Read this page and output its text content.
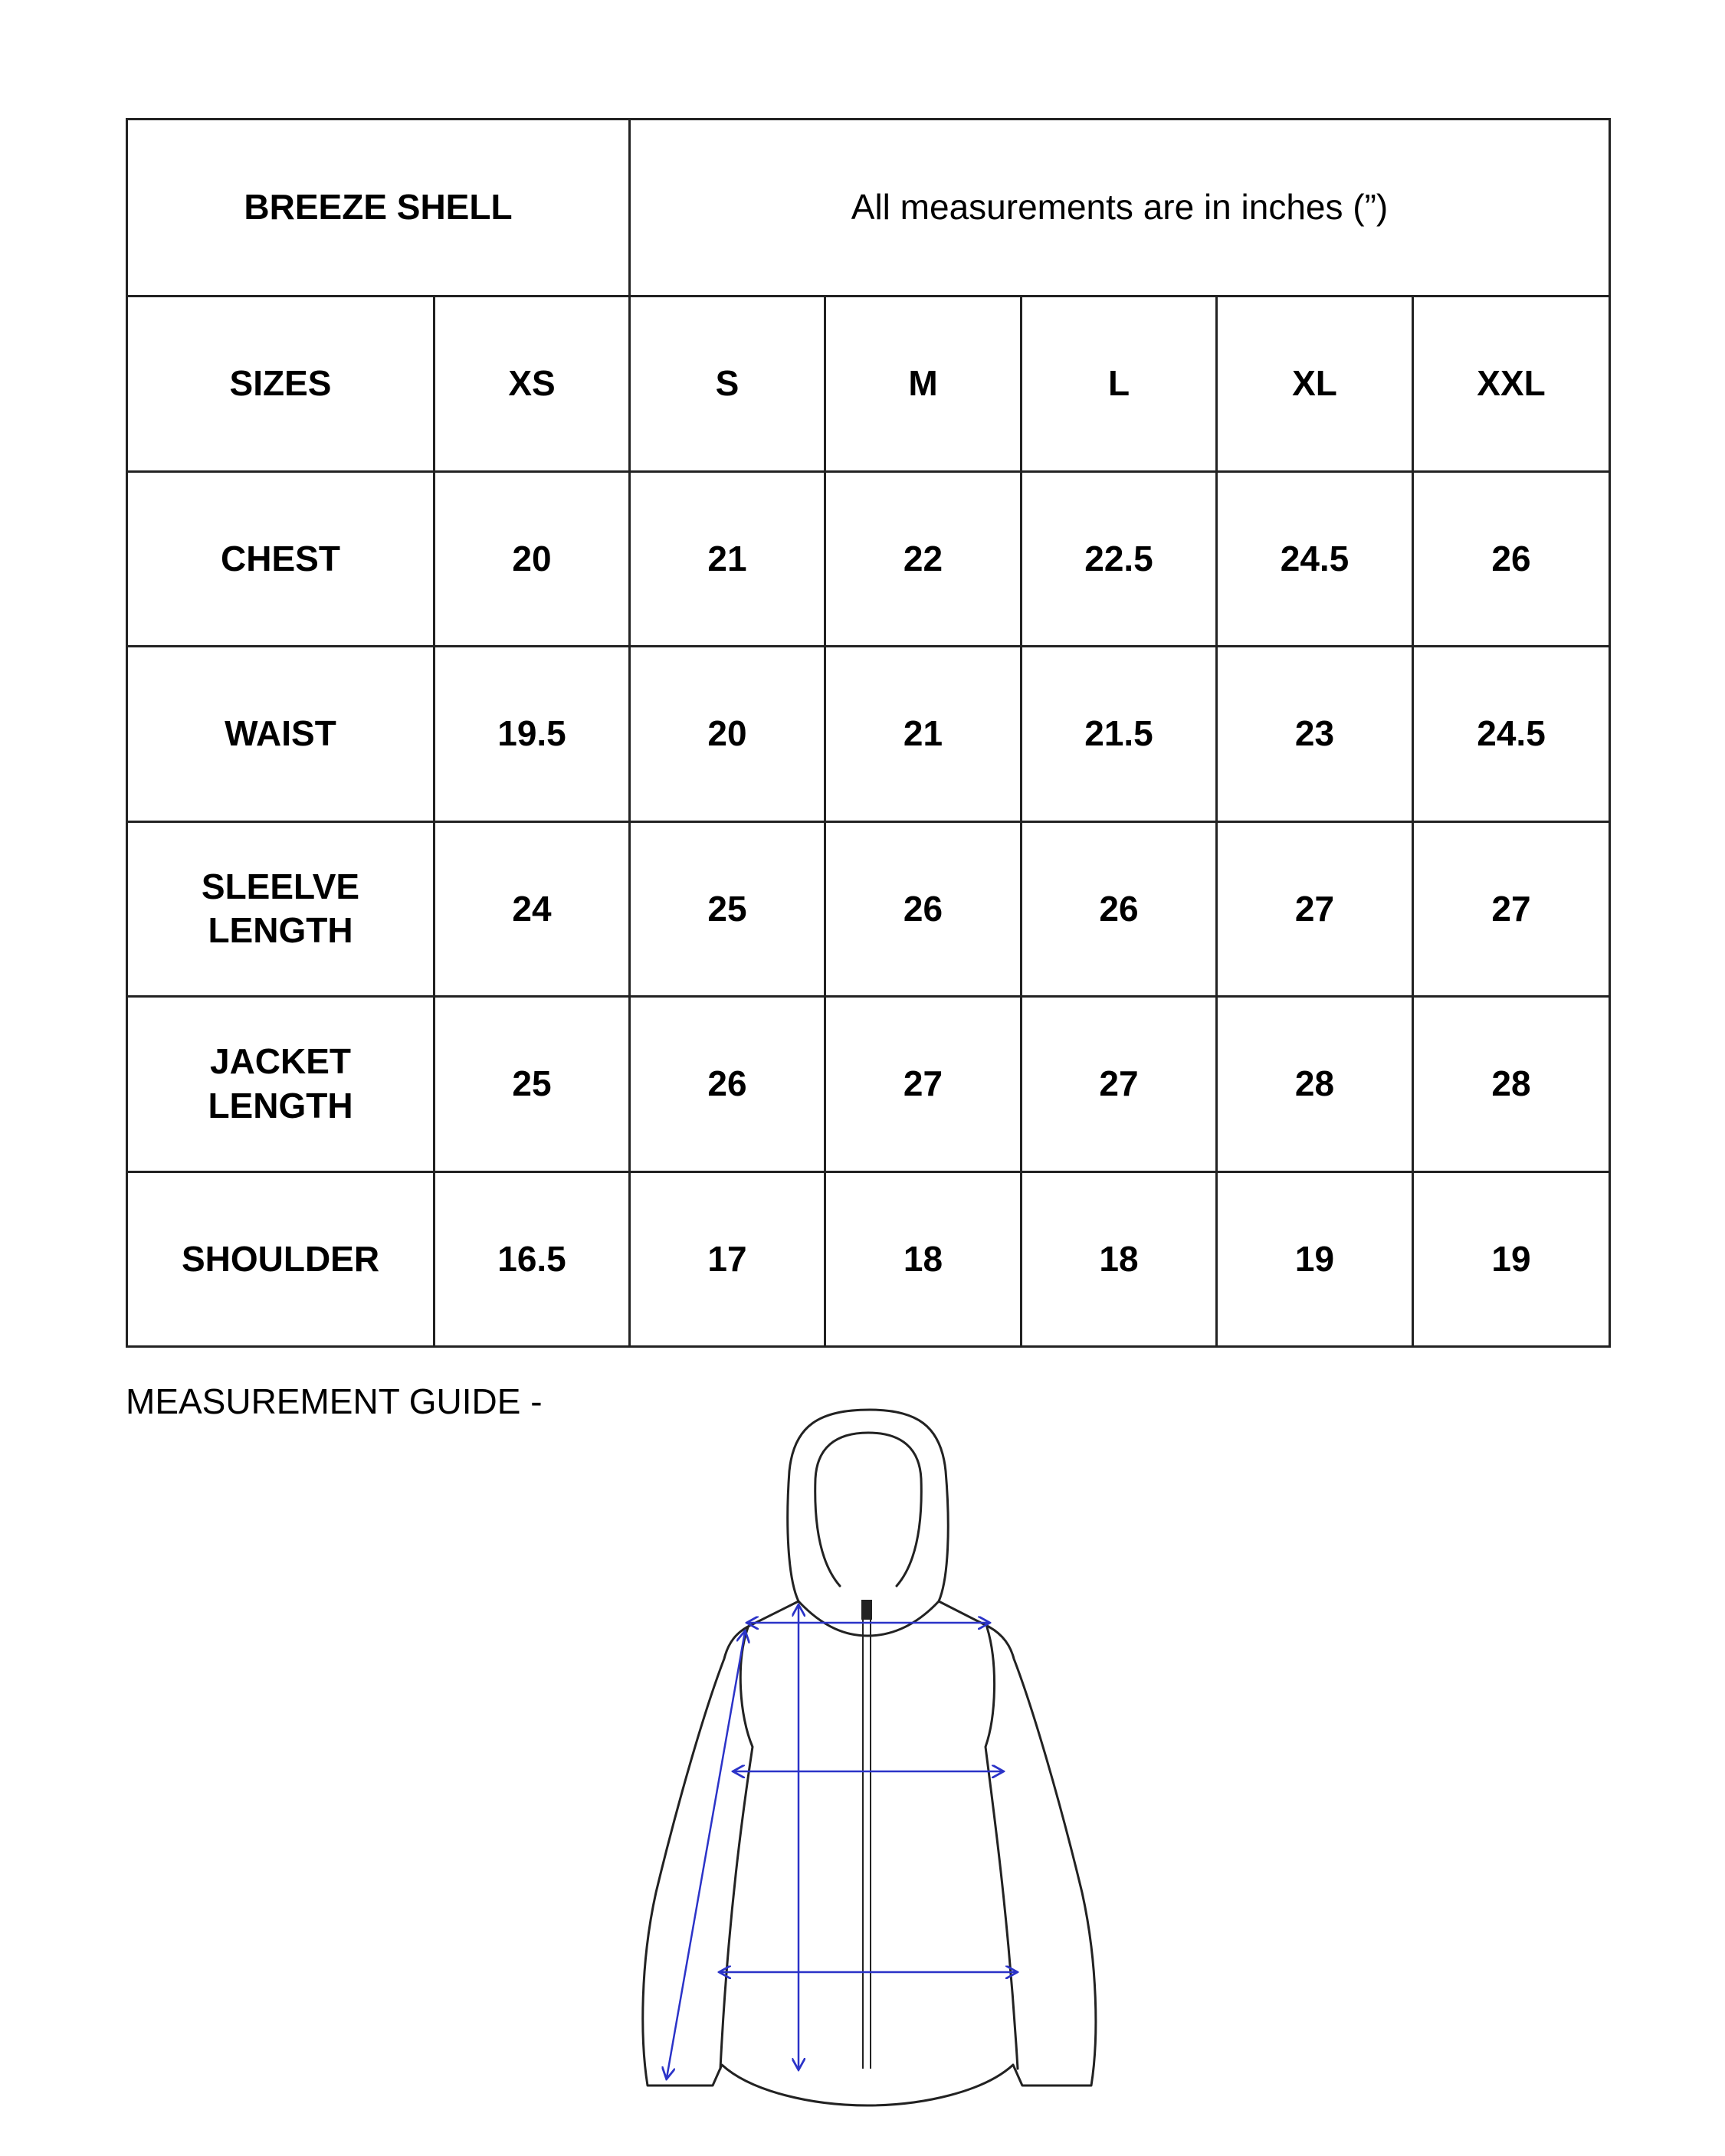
BREEZE SHELL		All measurements are in inches (”)				
SIZES	XS	S	M	L	XL	XXL
CHEST	20	21	22	22.5	24.5	26
WAIST	19.5	20	21	21.5	23	24.5
SLEELVE
LENGTH	24	25	26	26	27	27
JACKET
LENGTH	25	26	27	27	28	28
SHOULDER	16.5	17	18	18	19	19
MEASUREMENT GUIDE -
